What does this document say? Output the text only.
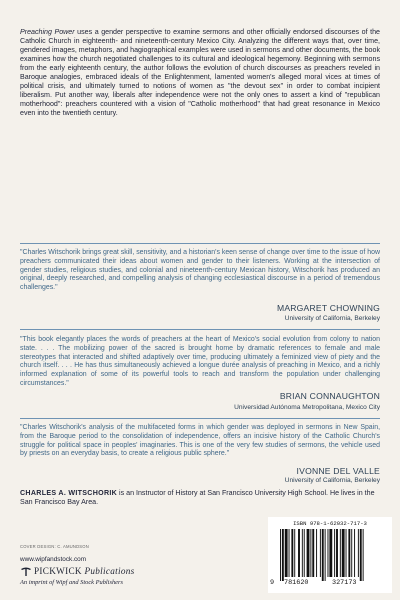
Preaching Power uses a gender perspective to examine sermons and other officially endorsed discourses of the Catholic Church in eighteenth- and nineteenth-century Mexico City. Analyzing the different ways that, over time, gendered images, metaphors, and hagiographical examples were used in sermons and other documents, the book examines how the church negotiated challenges to its cultural and ideological hegemony. Beginning with sermons from the early eighteenth century, the author follows the evolution of church discourses as preachers reveled in Baroque analogies, embraced ideals of the Enlightenment, lamented women's alleged moral vices at times of political crisis, and ultimately turned to notions of women as "the devout sex" in order to combat incipient liberalism. Put another way, liberals after independence were not the only ones to assert a kind of "republican motherhood": preachers countered with a vision of "Catholic motherhood" that had great resonance in Mexico even into the twentieth century.
"Charles Witschorik brings great skill, sensitivity, and a historian's keen sense of change over time to the issue of how preachers communicated their ideas about women and gender to their listeners. Working at the intersection of gender studies, religious studies, and colonial and nineteenth-century Mexican history, Witschorik has produced an original, deeply researched, and compelling analysis of changing ecclesiastical discourse in a period of tremendous challenges."
MARGARET CHOWNING
University of California, Berkeley
"This book elegantly places the words of preachers at the heart of Mexico's social evolution from colony to nation state. . . . The mobilizing power of the sacred is brought home by dramatic references to female and male stereotypes that interacted and shifted adaptively over time, producing ultimately a feminized view of piety and the church itself. . . . He has thus simultaneously achieved a longue durée analysis of preaching in Mexico, and a richly informed explanation of some of its powerful tools to reach and transform the population under challenging circumstances."
BRIAN CONNAUGHTON
Universidad Autónoma Metropolitana, Mexico City
"Charles Witschorik's analysis of the multifaceted forms in which gender was deployed in sermons in New Spain, from the Baroque period to the consolidation of independence, offers an incisive history of the Catholic Church's struggle for political space in peoples' imaginaries. This is one of the very few studies of sermons, the vehicle used by priests on an everyday basis, to create a religious public sphere."
IVONNE DEL VALLE
University of California, Berkeley
CHARLES A. WITSCHORIK is an Instructor of History at San Francisco University High School. He lives in the San Francisco Bay Area.
COVER DESIGN: C. AMUNDSON
www.wipfandstock.com
PICKWICK Publications
An imprint of Wipf and Stock Publishers
ISBN 978-1-62032-717-3
9 781620	327173
